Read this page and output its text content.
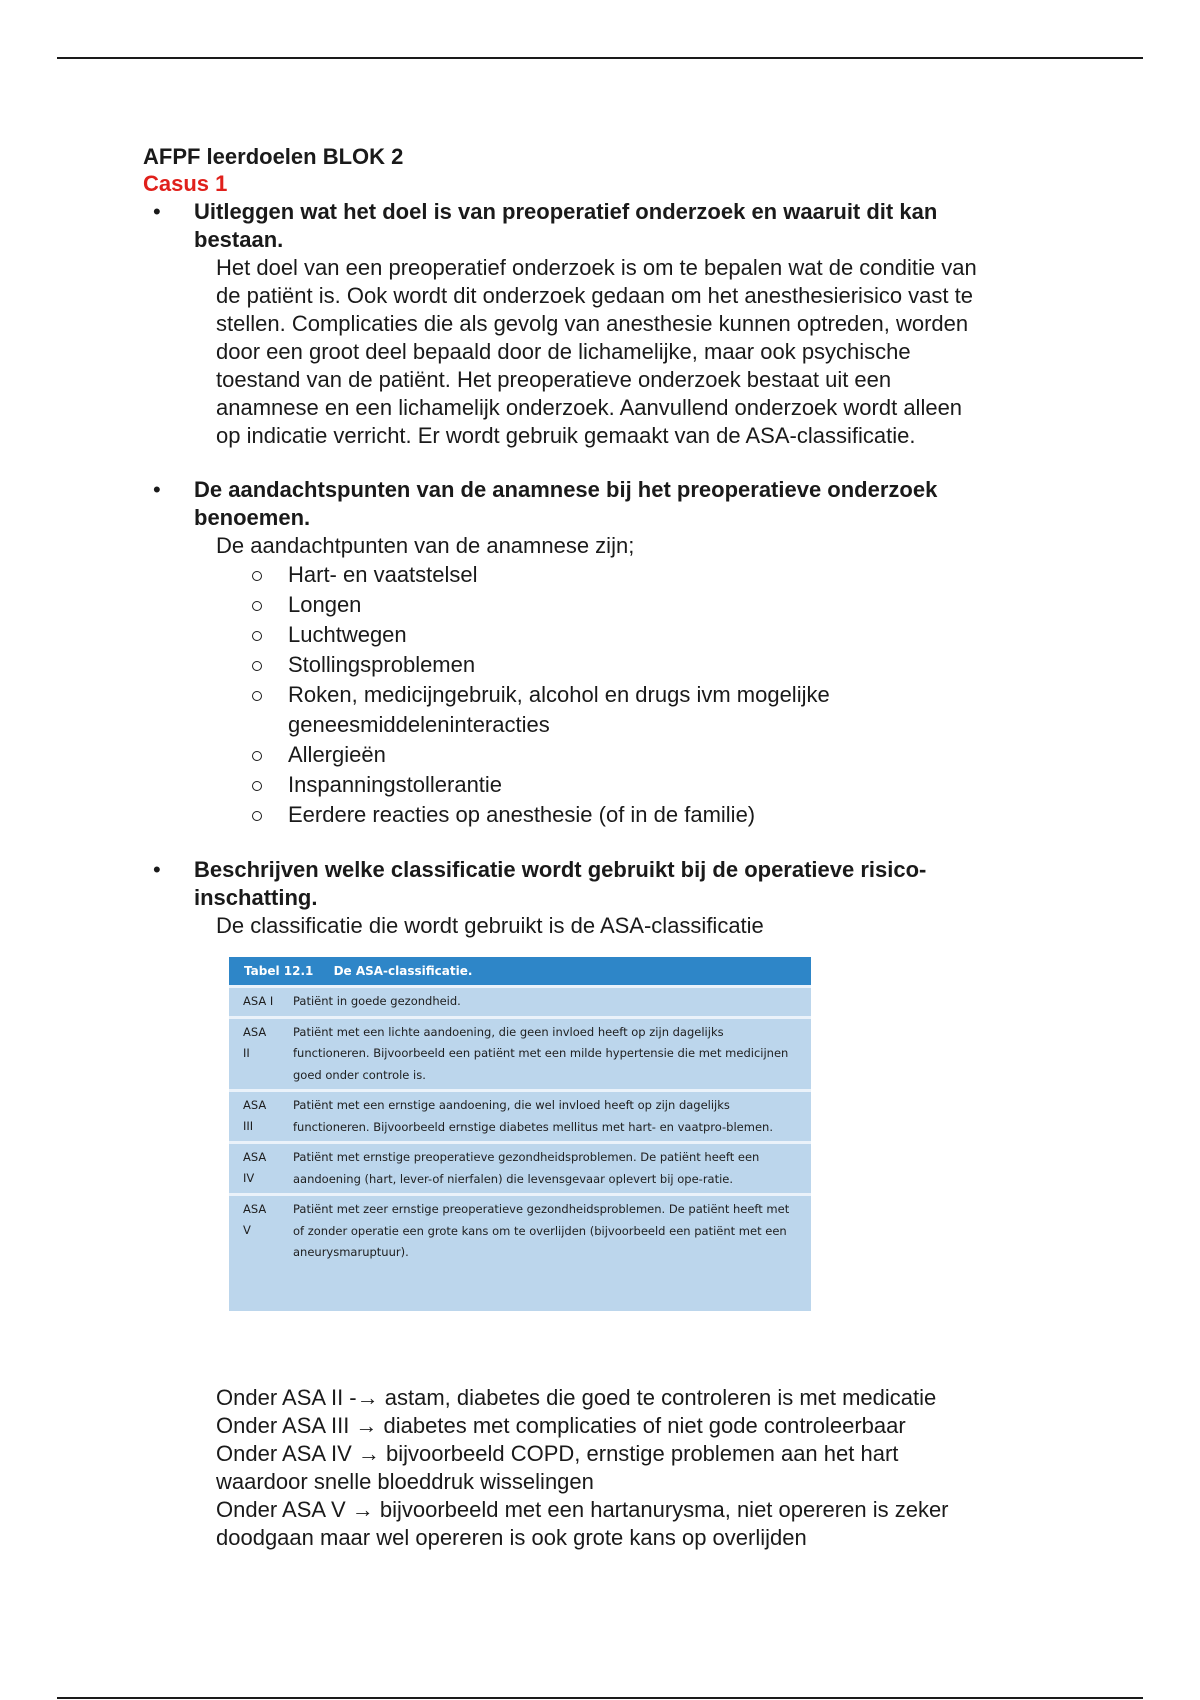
AFPF leerdoelen BLOK 2

Casus 1

• Uitleggen wat het doel is van preoperatief onderzoek en waaruit dit kan
bestaan.

Het doel van een preoperatief onderzoek is om te bepalen wat de conditie van
de patiënt is. Ook wordt dit onderzoek gedaan om het anesthesierisico vast te
stellen. Complicaties die als gevolg van anesthesie kunnen optreden, worden
door een groot deel bepaald door de lichamelijke, maar ook psychische
toestand van de patiënt. Het preoperatieve onderzoek bestaat uit een
anamnese en een lichamelijk onderzoek. Aanvullend onderzoek wordt alleen
op indicatie verricht. Er wordt gebruik gemaakt van de ASA-classificatie.

• De aandachtspunten van de anamnese bij het preoperatieve onderzoek
benoemen.

De aandachtpunten van de anamnese zijn;

Hart- en vaatstelsel
Longen
Luchtwegen
Stollingsproblemen
Roken, medicijngebruik, alcohol en drugs ivm mogelijke
geneesmiddeleninteracties
Allergieën
Inspanningstollerantie
Eerdere reacties op anesthesie (of in de familie)
• Beschrijven welke classificatie wordt gebruikt bij de operatieve risico-
inschatting.

De classificatie die wordt gebruikt is de ASA-classificatie

Tabel 12.1 De ASA-classificatie.
ASA I	Patiënt in goede gezondheid.
ASA
II
Patiënt met een lichte aandoening, die geen invloed heeft op zijn dagelijks functioneren. Bijvoorbeeld een patiënt met een milde hypertensie die met medicijnen goed onder controle is.
ASA
III
Patiënt met een ernstige aandoening, die wel invloed heeft op zijn dagelijks functioneren. Bijvoorbeeld ernstige diabetes mellitus met hart- en vaatpro-blemen.
ASA
IV
Patiënt met ernstige preoperatieve gezondheidsproblemen. De patiënt heeft een aandoening (hart, lever-of nierfalen) die levensgevaar oplevert bij ope-ratie.
ASA
V
Patiënt met zeer ernstige preoperatieve gezondheidsproblemen. De patiënt heeft met of zonder operatie een grote kans om te overlijden (bijvoorbeeld een patiënt met een aneurysmaruptuur).

Onder ASA II -→ astam, diabetes die goed te controleren is met medicatie

Onder ASA III → diabetes met complicaties of niet gode controleerbaar

Onder ASA IV → bijvoorbeeld COPD, ernstige problemen aan het hart

waardoor snelle bloeddruk wisselingen

Onder ASA V → bijvoorbeeld met een hartanurysma, niet opereren is zeker

doodgaan maar wel opereren is ook grote kans op overlijden
